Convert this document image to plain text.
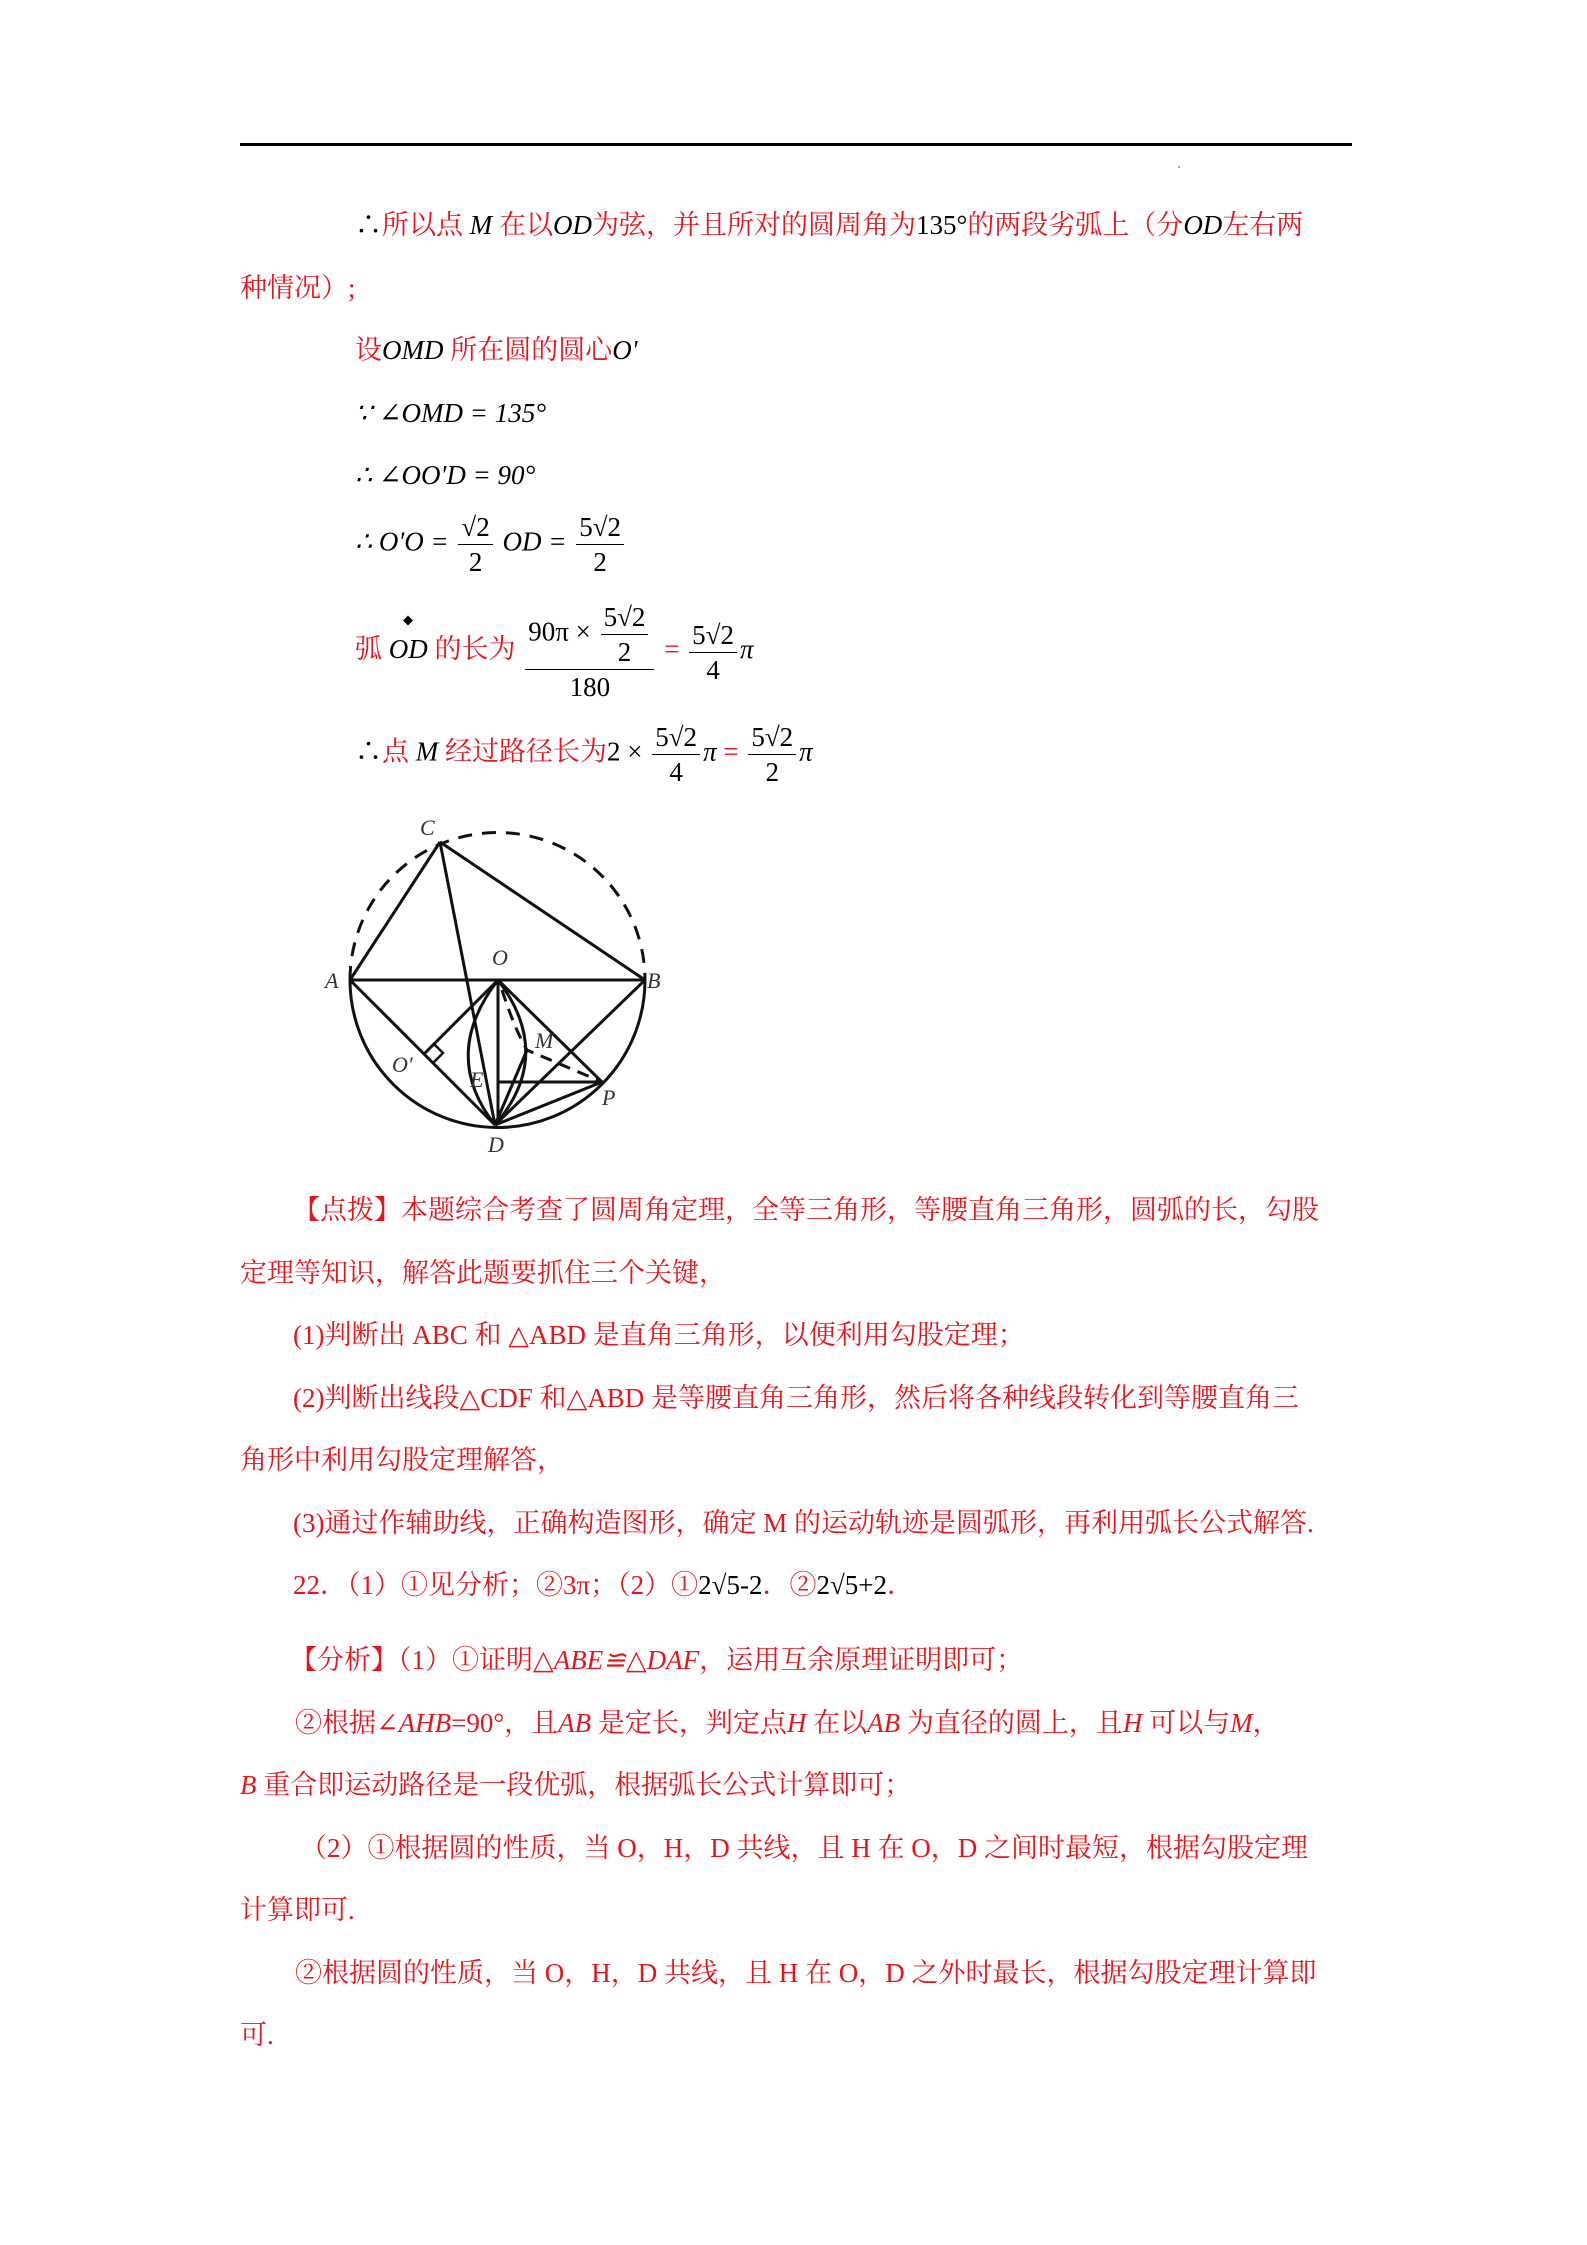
∴所以点 M 在以OD为弦，并且所对的圆周角为135°的两段劣弧上（分OD左右两
种情况）;
设OMD 所在圆的圆心O'
∵ ∠OMD = 135°
∴ ∠OO'D = 90°
∴ $O'O = \frac{√2}{2}$ OD = $\frac{5√2}{2}$
弧 OD 的长为 $\frac{90\pi \times \frac{5√2}{2}}{180} = \frac{5√2}{4}$ π
∴点 M 经过路径长为$2 \times \frac{5√2}{4}$ $\pi = \frac{5√2}{2}$ π
C
A	B
O
O′
E
M
P
D
【点拨】本题综合考查了圆周角定理，全等三角形，等腰直角三角形，圆弧的长，勾股
定理等知识，解答此题要抓住三个关键，
(1)判断出 ABC 和 △ABD 是直角三角形，以便利用勾股定理；
(2)判断出线段△CDF 和△ABD 是等腰直角三角形，然后将各种线段转化到等腰直角三
角形中利用勾股定理解答，
(3)通过作辅助线，正确构造图形，确定 M 的运动轨迹是圆弧形，再利用弧长公式解答.
22．（1）①见分析；②3π；（2）①2√5-2．②2√5+2．
【分析】（1）①证明△ABE≌△DAF，运用互余原理证明即可；
②根据∠AHB=90°，且AB 是定长，判定点H 在以AB 为直径的圆上，且H 可以与M，
B 重合即运动路径是一段优弧，根据弧长公式计算即可；
（2）①根据圆的性质，当 O，H，D 共线，且 H 在 O，D 之间时最短，根据勾股定理
计算即可.
②根据圆的性质，当 O，H，D 共线，且 H 在 O，D 之外时最长，根据勾股定理计算即
可.
